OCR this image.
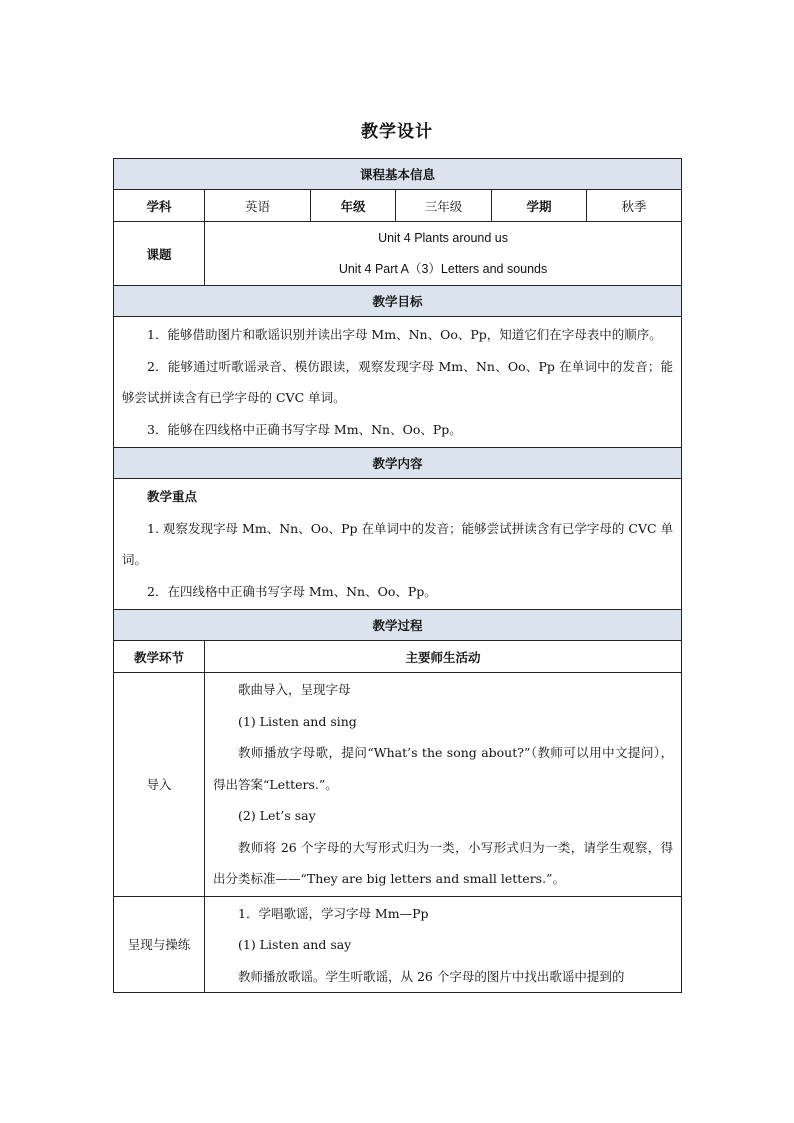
教学设计
课程基本信息					
学科	英语	年级	三年级	学期	秋季
课题	Unit 4 Plants around us
Unit 4 Part A（3）Letters and sounds				

教学目标					

1．能够借助图片和歌谣识别并读出字母 Mm、Nn、Oo、Pp，知道它们在字母表中的顺序。

2．能够通过听歌谣录音、模仿跟读，观察发现字母 Mm、Nn、Oo、Pp 在单词中的发音；能够尝试拼读含有已学字母的 CVC 单词。

3．能够在四线格中正确书写字母 Mm、Nn、Oo、Pp。					

教学内容					

教学重点

1. 观察发现字母 Mm、Nn、Oo、Pp 在单词中的发音；能够尝试拼读含有已学字母的 CVC 单词。

2．在四线格中正确书写字母 Mm、Nn、Oo、Pp。					

教学过程					
教学环节	主要师生活动				
导入	歌曲导入，呈现字母

(1) Listen and sing

教师播放字母歌，提问“What’s the song about?”（教师可以用中文提问），得出答案“Letters.”。

(2) Let’s say

教师将 26 个字母的大写形式归为一类，小写形式归为一类，请学生观察，得出分类标准——“They are big letters and small letters.”。				

呈现与操练	1．学唱歌谣，学习字母 Mm—Pp

(1) Listen and say

教师播放歌谣。学生听歌谣，从 26 个字母的图片中找出歌谣中提到的				
